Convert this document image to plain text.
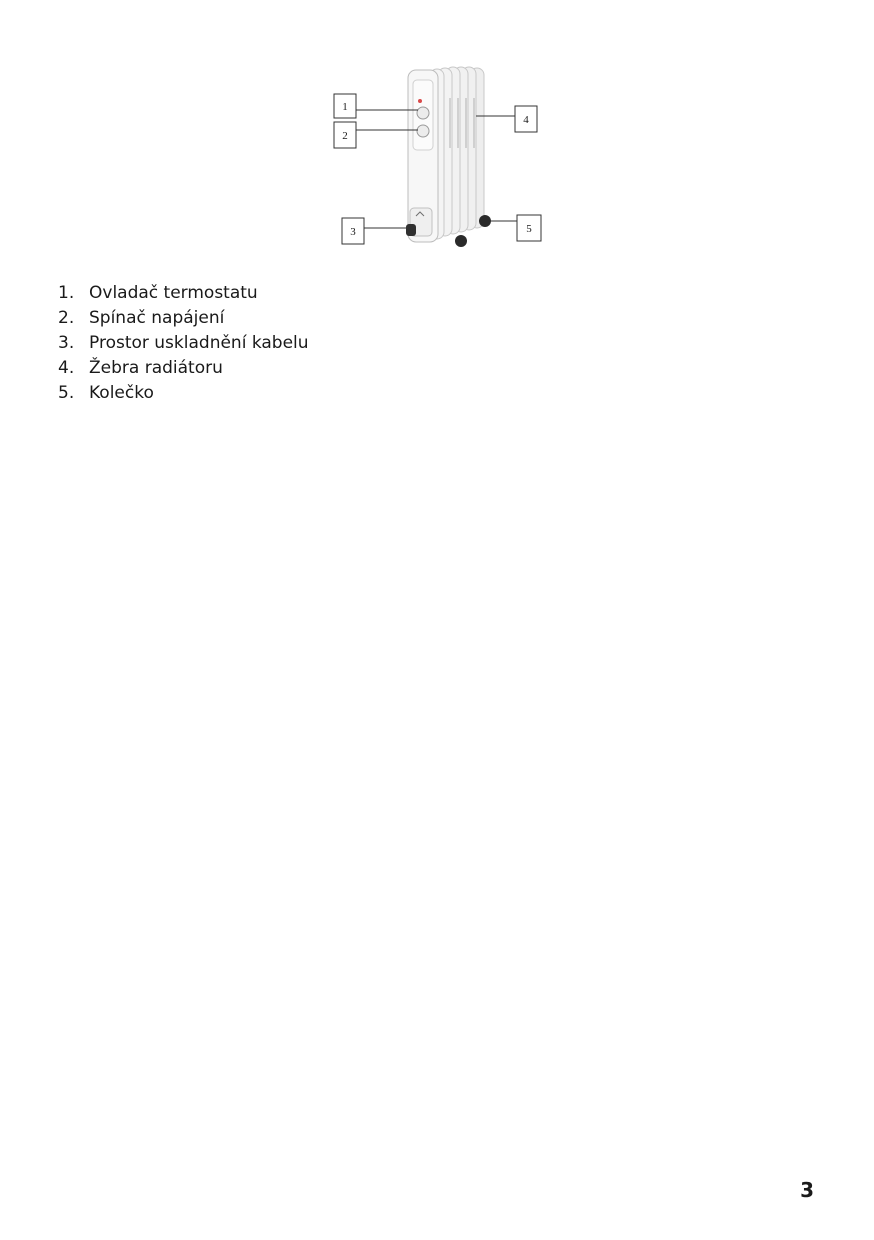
1
2
4
3	5
1. Ovladač termostatu
2. Spínač napájení
3. Prostor uskladnění kabelu
4. Žebra radiátoru
5. Kolečko
3
